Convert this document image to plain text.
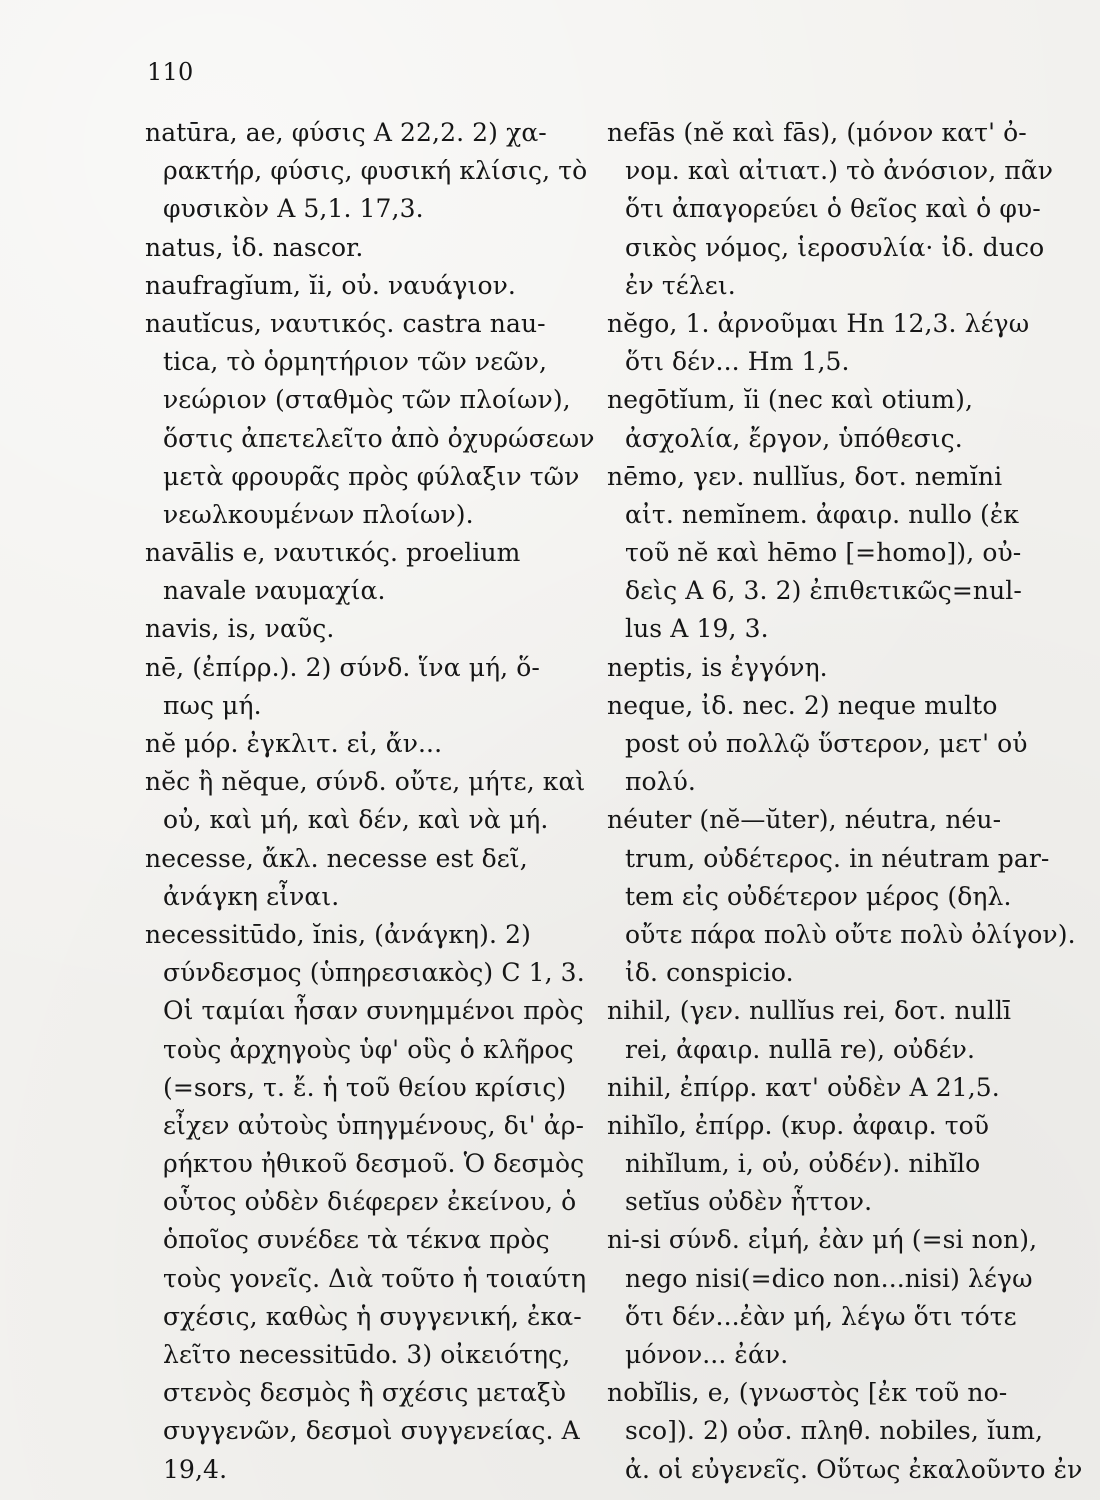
110
natūra, ae, φύσις A 22,2. 2) χα-
ρακτήρ, φύσις, φυσική κλίσις, τὸ
φυσικὸν A 5,1. 17,3.
natus, ἰδ. nascor.
naufragĭum, ĭi, οὐ. ναυάγιον.
nautĭcus, ναυτικός. castra nau-
tica, τὸ ὁρμητήριον τῶν νεῶν,
νεώριον (σταθμὸς τῶν πλοίων),
ὅστις ἀπετελεῖτο ἀπὸ ὀχυρώσεων
μετὰ φρουρᾶς πρὸς φύλαξιν τῶν
νεωλκουμένων πλοίων).
navālis e, ναυτικός. proelium
navale ναυμαχία.
navis, is, ναῦς.
nē, (ἐπίρρ.). 2) σύνδ. ἵνα μή, ὅ-
πως μή.
nĕ μόρ. ἐγκλιτ. εἰ, ἄν...
nĕc ἢ nĕque, σύνδ. οὔτε, μήτε, καὶ
οὐ, καὶ μή, καὶ δέν, καὶ νὰ μή.
necesse, ἄκλ. necesse est δεῖ,
ἀνάγκη εἶναι.
necessitūdo, ĭnis, (ἀνάγκη). 2)
σύνδεσμος (ὑπηρεσιακὸς) C 1, 3.
Οἱ ταμίαι ἦσαν συνημμένοι πρὸς
τοὺς ἀρχηγοὺς ὑφ' οὓς ὁ κλῆρος
(=sors, τ. ἔ. ἡ τοῦ θείου κρίσις)
εἶχεν αὐτοὺς ὑπηγμένους, δι' ἀρ-
ρήκτου ἠθικοῦ δεσμοῦ. Ὁ δεσμὸς
οὗτος οὐδὲν διέφερεν ἐκείνου, ὁ
ὁποῖος συνέδεε τὰ τέκνα πρὸς
τοὺς γονεῖς. Διὰ τοῦτο ἡ τοιαύτη
σχέσις, καθὼς ἡ συγγενική, ἐκα-
λεῖτο necessitūdo. 3) οἰκειότης,
στενὸς δεσμὸς ἢ σχέσις μεταξὺ
συγγενῶν, δεσμοὶ συγγενείας. A
19,4.
nefās (nĕ καὶ fās), (μόνον κατ' ὀ-
νομ. καὶ αἰτιατ.) τὸ ἀνόσιον, πᾶν
ὅτι ἀπαγορεύει ὁ θεῖος καὶ ὁ φυ-
σικὸς νόμος, ἱεροσυλία· ἰδ. duco
ἐν τέλει.
nĕgo, 1. ἀρνοῦμαι Hn 12,3. λέγω
ὅτι δέν... Hm 1,5.
negōtĭum, ĭi (nec καὶ otium),
ἀσχολία, ἔργον, ὑπόθεσις.
nēmo, γεν. nullĭus, δοτ. nemĭni
αἰτ. nemĭnem. ἀφαιρ. nullo (ἐκ
τοῦ nĕ καὶ hēmo [=homo]), οὐ-
δεὶς A 6, 3. 2) ἐπιθετικῶς=nul-
lus A 19, 3.
neptis, is ἐγγόνη.
neque, ἰδ. nec. 2) neque multo
post οὐ πολλῷ ὕστερον, μετ' οὐ
πολύ.
néuter (nĕ—ŭter), néutra, néu-
trum, οὐδέτερος. in néutram par-
tem εἰς οὐδέτερον μέρος (δηλ.
οὔτε πάρα πολὺ οὔτε πολὺ ὀλίγον).
ἰδ. conspicio.
nihil, (γεν. nullĭus rei, δοτ. nullī
rei, ἀφαιρ. nullā re), οὐδέν.
nihil, ἐπίρρ. κατ' οὐδὲν A 21,5.
nihĭlo, ἐπίρρ. (κυρ. ἀφαιρ. τοῦ
nihĭlum, i, οὐ, οὐδέν). nihĭlo
setĭus οὐδὲν ἧττον.
ni-si σύνδ. εἰμή, ἐὰν μή (=si non),
nego nisi(=dico non...nisi) λέγω
ὅτι δέν...ἐὰν μή, λέγω ὅτι τότε
μόνον... ἐάν.
nobĭlis, e, (γνωστὸς [ἐκ τοῦ no-
sco]). 2) οὐσ. πληθ. nobiles, ĭum,
ἀ. οἱ εὐγενεῖς. Οὕτως ἐκαλοῦντο ἐν
